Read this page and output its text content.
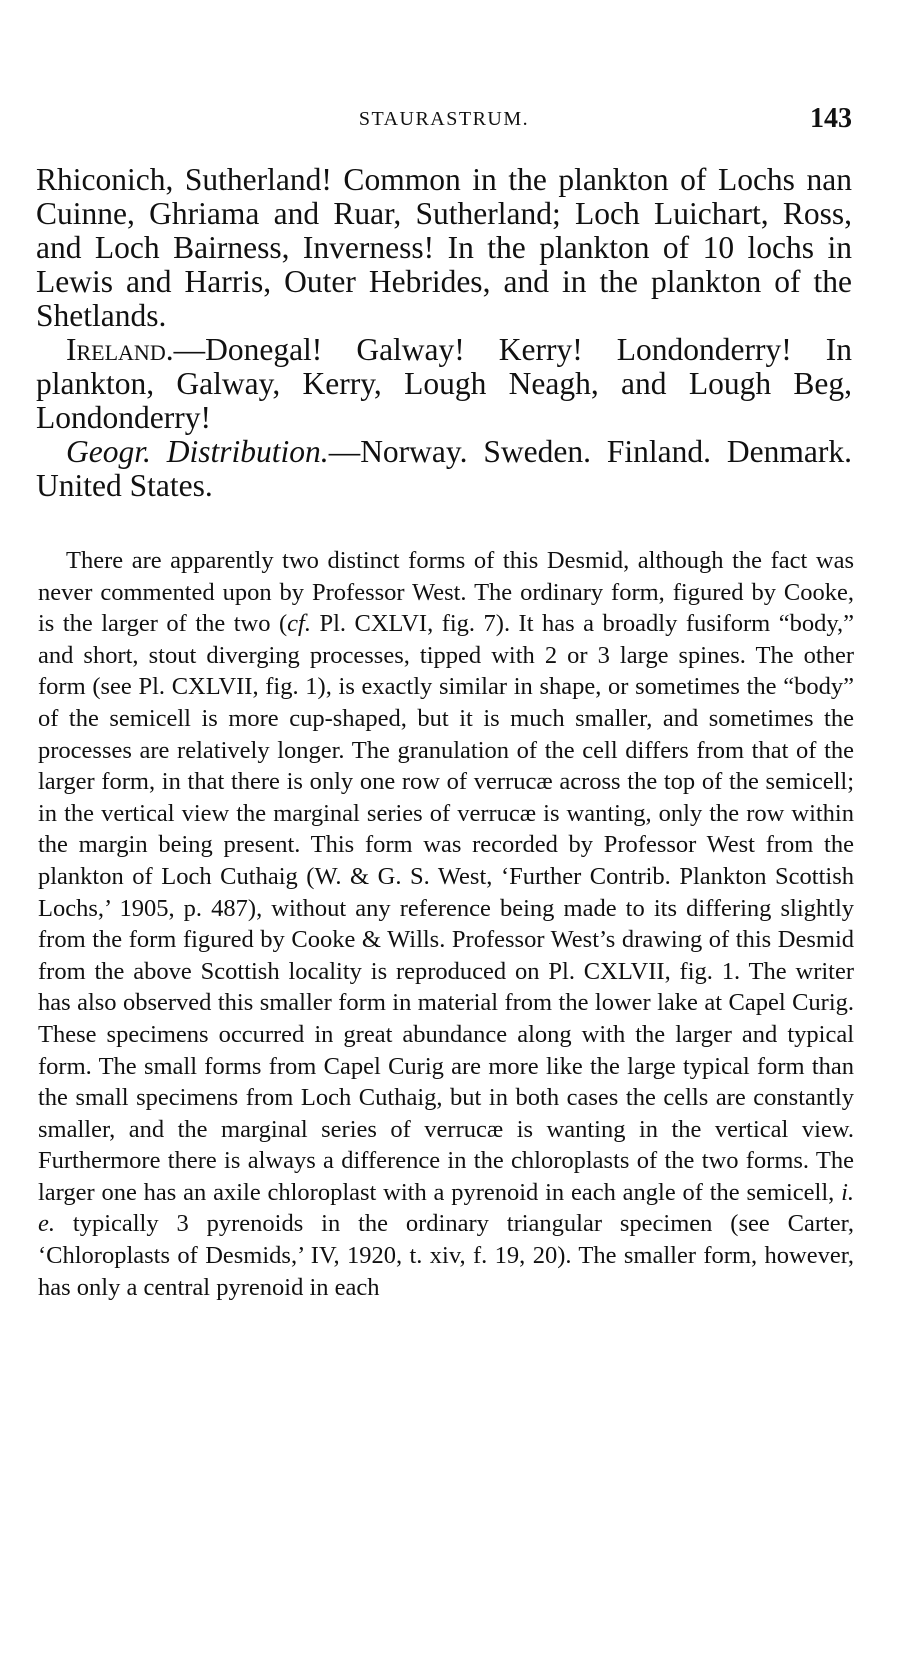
STAURASTRUM.	143

Rhiconich, Sutherland! Common in the plankton of Lochs nan Cuinne, Ghriama and Ruar, Sutherland; Loch Luichart, Ross, and Loch Bairness, Inverness! In the plankton of 10 lochs in Lewis and Harris, Outer Hebrides, and in the plankton of the Shetlands.

Ireland.—Donegal! Galway! Kerry! Londonderry! In plankton, Galway, Kerry, Lough Neagh, and Lough Beg, Londonderry!

Geogr. Distribution.—Norway. Sweden. Finland. Denmark. United States.

There are apparently two distinct forms of this Desmid, although the fact was never commented upon by Professor West. The ordinary form, figured by Cooke, is the larger of the two (cf. Pl. CXLVI, fig. 7). It has a broadly fusiform “body,” and short, stout diverging processes, tipped with 2 or 3 large spines. The other form (see Pl. CXLVII, fig. 1), is exactly similar in shape, or sometimes the “body” of the semicell is more cup-shaped, but it is much smaller, and sometimes the processes are relatively longer. The granulation of the cell differs from that of the larger form, in that there is only one row of verrucæ across the top of the semicell; in the vertical view the marginal series of verrucæ is wanting, only the row within the margin being present. This form was recorded by Professor West from the plankton of Loch Cuthaig (W. & G. S. West, ‘Further Contrib. Plankton Scottish Lochs,’ 1905, p. 487), without any reference being made to its differing slightly from the form figured by Cooke & Wills. Professor West’s drawing of this Desmid from the above Scottish locality is reproduced on Pl. CXLVII, fig. 1. The writer has also observed this smaller form in material from the lower lake at Capel Curig. These specimens occurred in great abundance along with the larger and typical form. The small forms from Capel Curig are more like the large typical form than the small specimens from Loch Cuthaig, but in both cases the cells are constantly smaller, and the marginal series of verrucæ is wanting in the vertical view. Furthermore there is always a difference in the chloroplasts of the two forms. The larger one has an axile chloroplast with a pyrenoid in each angle of the semicell, i. e. typically 3 pyrenoids in the ordinary triangular specimen (see Carter, ‘Chloroplasts of Desmids,’ IV, 1920, t. xiv, f. 19, 20). The smaller form, however, has only a central pyrenoid in each
